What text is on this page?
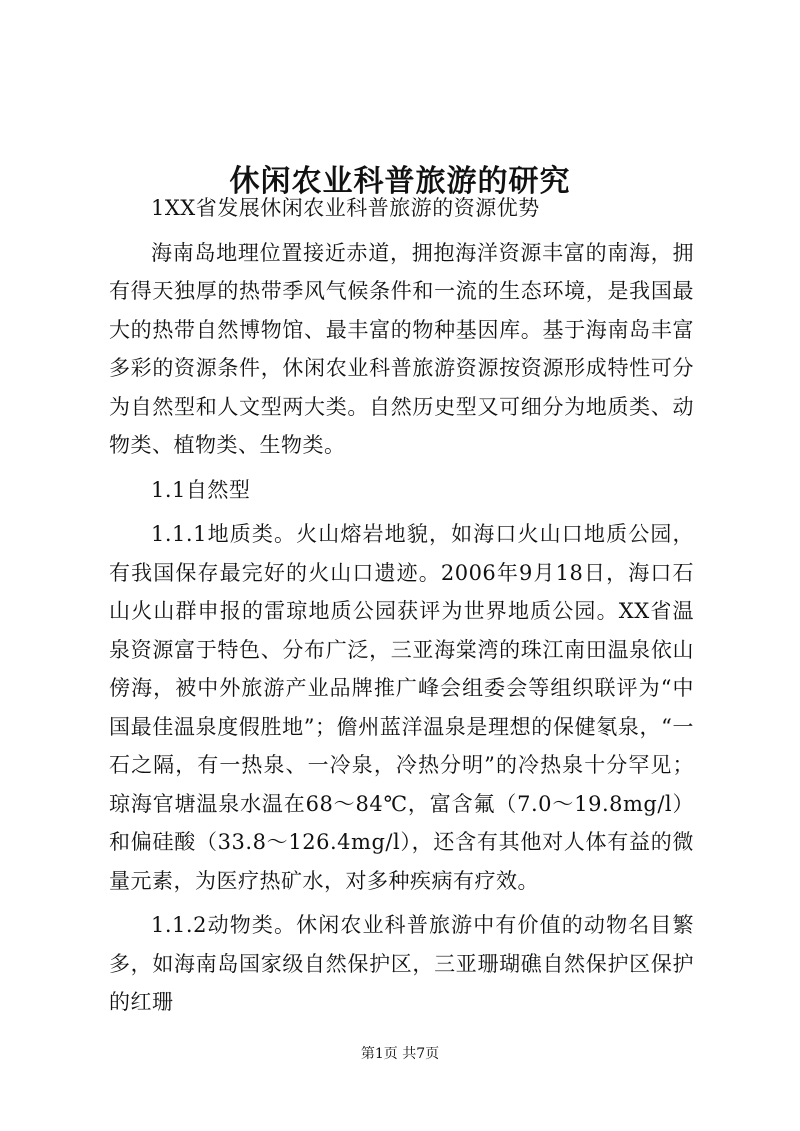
休闲农业科普旅游的研究

1XX省发展休闲农业科普旅游的资源优势

海南岛地理位置接近赤道，拥抱海洋资源丰富的南海，拥有得天独厚的热带季风气候条件和一流的生态环境，是我国最大的热带自然博物馆、最丰富的物种基因库。基于海南岛丰富多彩的资源条件，休闲农业科普旅游资源按资源形成特性可分为自然型和人文型两大类。自然历史型又可细分为地质类、动物类、植物类、生物类。

1.1自然型

1.1.1地质类。火山熔岩地貌，如海口火山口地质公园，有我国保存最完好的火山口遗迹。2006年9月18日，海口石山火山群申报的雷琼地质公园获评为世界地质公园。XX省温泉资源富于特色、分布广泛，三亚海棠湾的珠江南田温泉依山傍海，被中外旅游产业品牌推广峰会组委会等组织联评为“中国最佳温泉度假胜地”；儋州蓝洋温泉是理想的保健氡泉，“一石之隔，有一热泉、一冷泉，冷热分明”的冷热泉十分罕见；琼海官塘温泉水温在68～84℃，富含氟（7.0～19.8mg/l）和偏硅酸（33.8～126.4mg/l），还含有其他对人体有益的微量元素，为医疗热矿水，对多种疾病有疗效。

1.1.2动物类。休闲农业科普旅游中有价值的动物名目繁多，如海南岛国家级自然保护区，三亚珊瑚礁自然保护区保护的红珊

第1页 共7页
